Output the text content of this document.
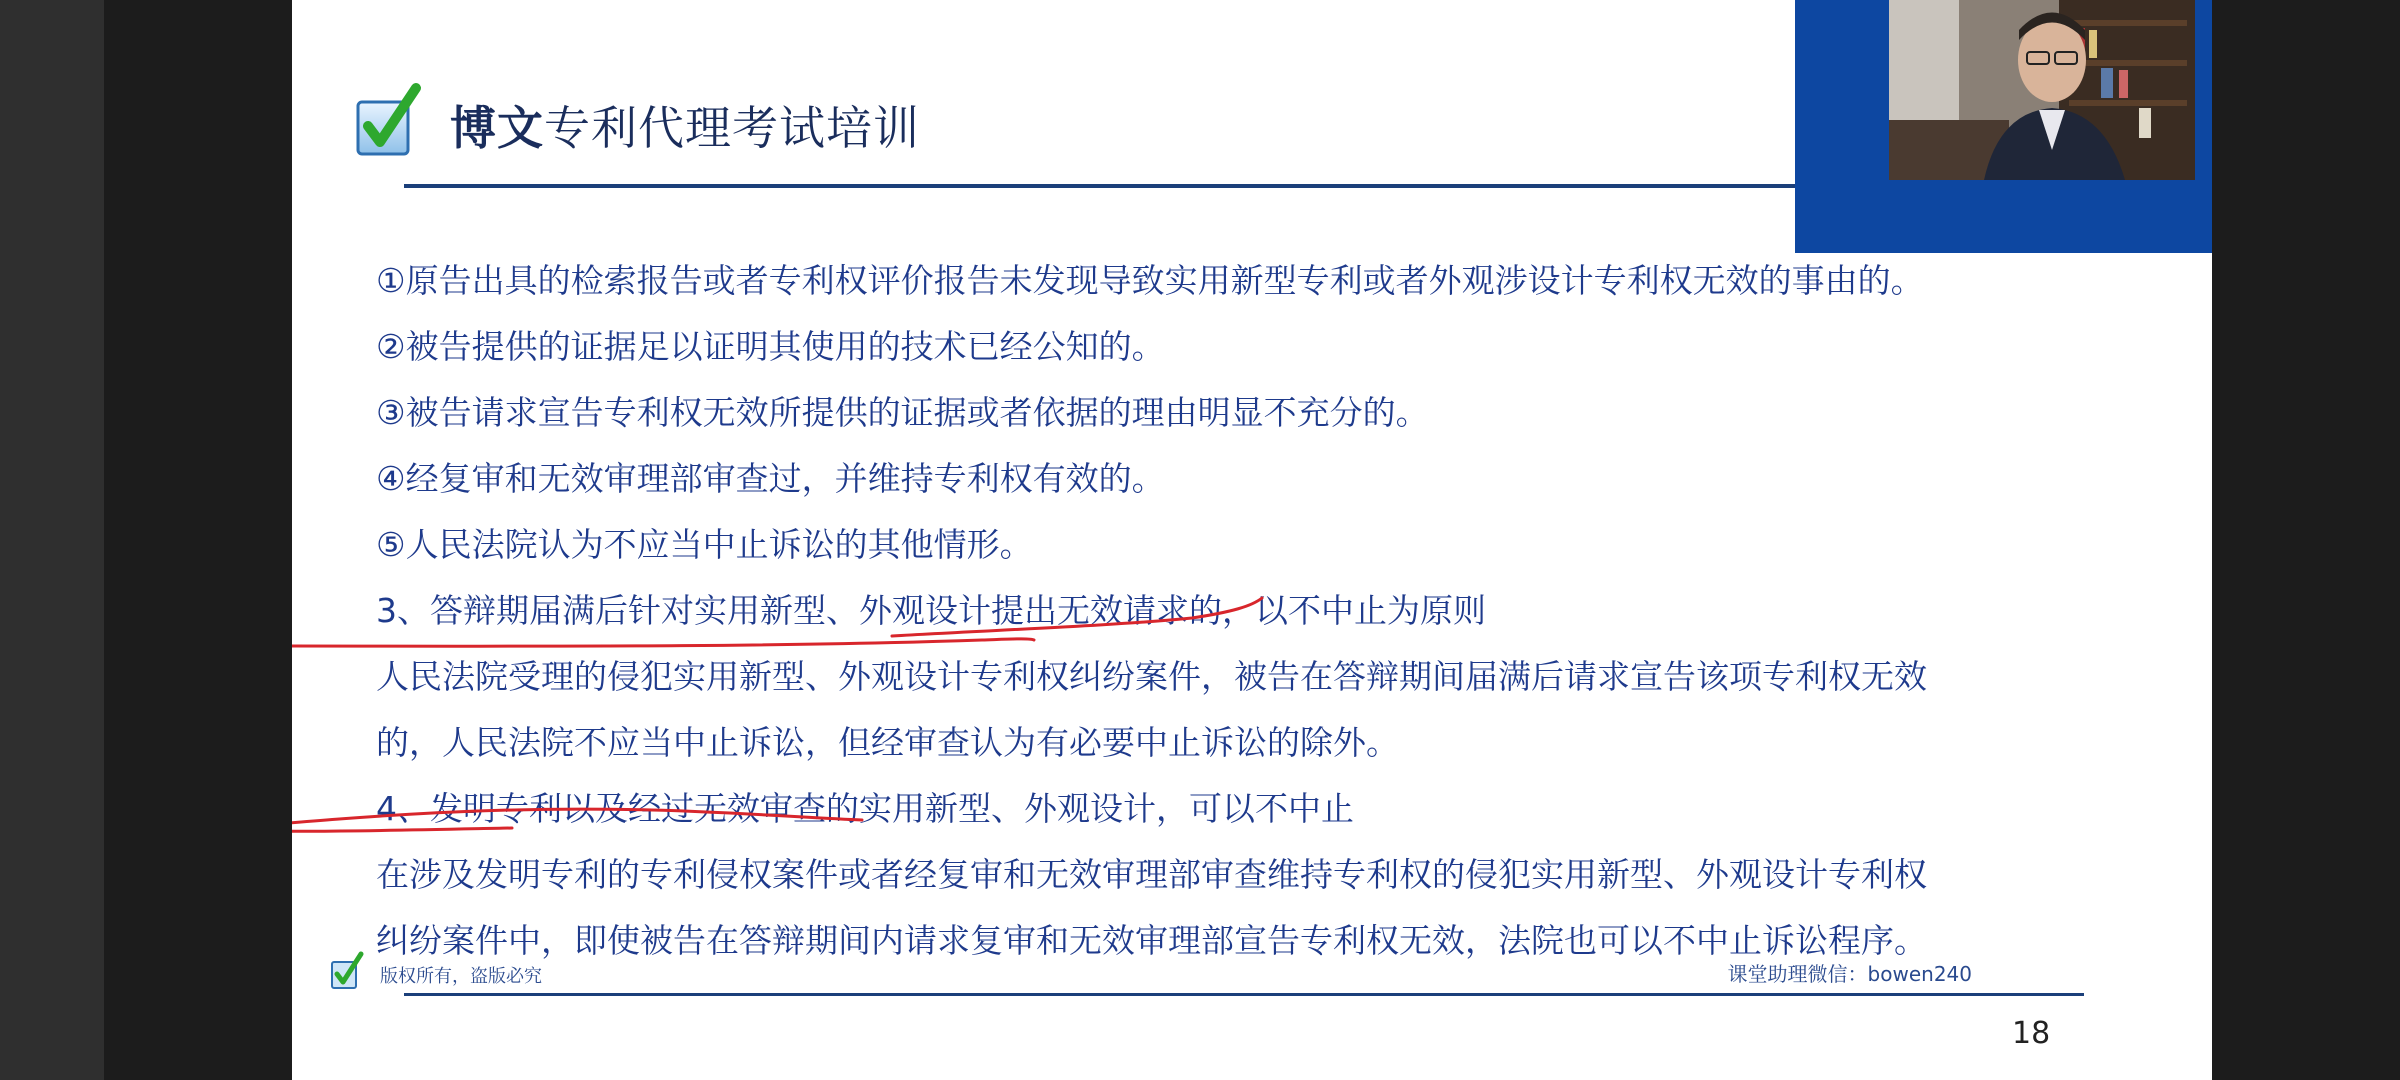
博文专利代理考试培训
①原告出具的检索报告或者专利权评价报告未发现导致实用新型专利或者外观涉设计专利权无效的事由的。
②被告提供的证据足以证明其使用的技术已经公知的。
③被告请求宣告专利权无效所提供的证据或者依据的理由明显不充分的。
④经复审和无效审理部审查过，并维持专利权有效的。
⑤人民法院认为不应当中止诉讼的其他情形。
3、答辩期届满后针对实用新型、外观设计提出无效请求的，以不中止为原则
人民法院受理的侵犯实用新型、外观设计专利权纠纷案件，被告在答辩期间届满后请求宣告该项专利权无效
的，人民法院不应当中止诉讼，但经审查认为有必要中止诉讼的除外。
4、发明专利以及经过无效审查的实用新型、外观设计，可以不中止
在涉及发明专利的专利侵权案件或者经复审和无效审理部审查维持专利权的侵犯实用新型、外观设计专利权
纠纷案件中，即使被告在答辩期间内请求复审和无效审理部宣告专利权无效，法院也可以不中止诉讼程序。
版权所有，盗版必究	课堂助理微信：bowen240
18
